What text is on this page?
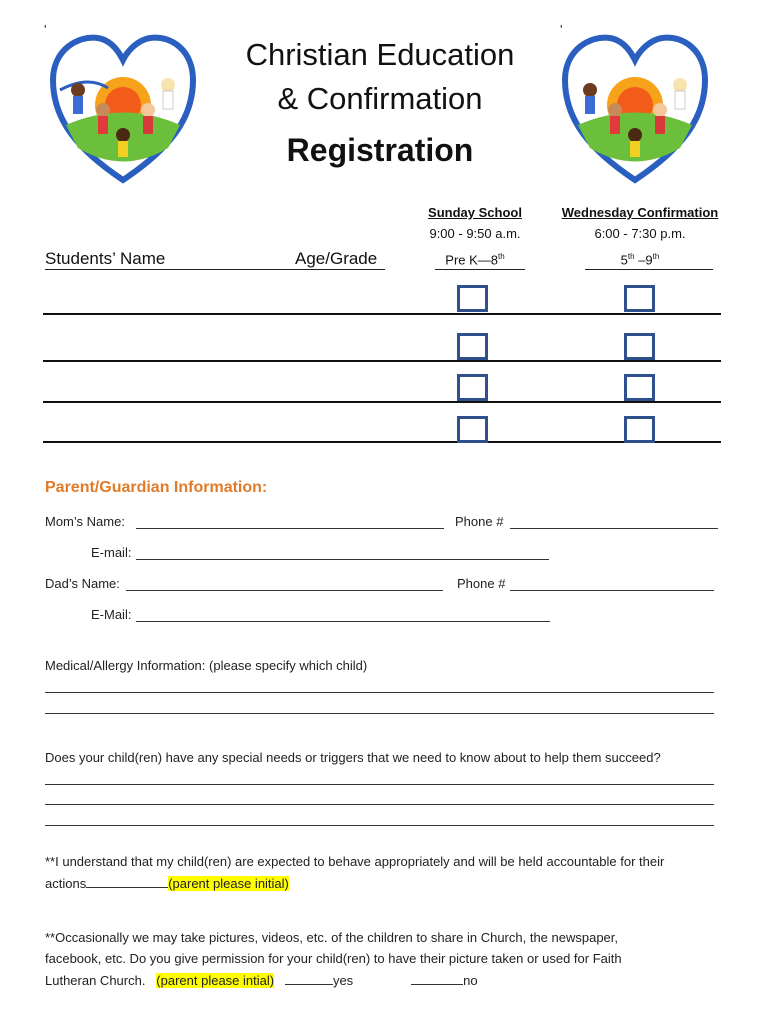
'	'
Christian Education
& Confirmation
Registration
Sunday School
9:00 - 9:50 a.m.
Pre K—8th
Wednesday Confirmation
6:00 - 7:30 p.m.
5th –9th
Students’ Name	Age/Grade
Parent/Guardian Information:
Mom’s Name:	Phone #
E-mail:
Dad’s Name:	Phone #
E-Mail:
Medical/Allergy Information: (please specify which child)
Does your child(ren) have any special needs or triggers that we need to know about to help them succeed?
**I understand that my child(ren) are expected to behave appropriately and will be held accountable for their
actions	(parent please initial)
**Occasionally we may take pictures, videos, etc. of the children to share in Church, the newspaper,
facebook, etc. Do you give permission for your child(ren) to have their picture taken or used for Faith
Lutheran Church. (parent please intial)	yes	no
